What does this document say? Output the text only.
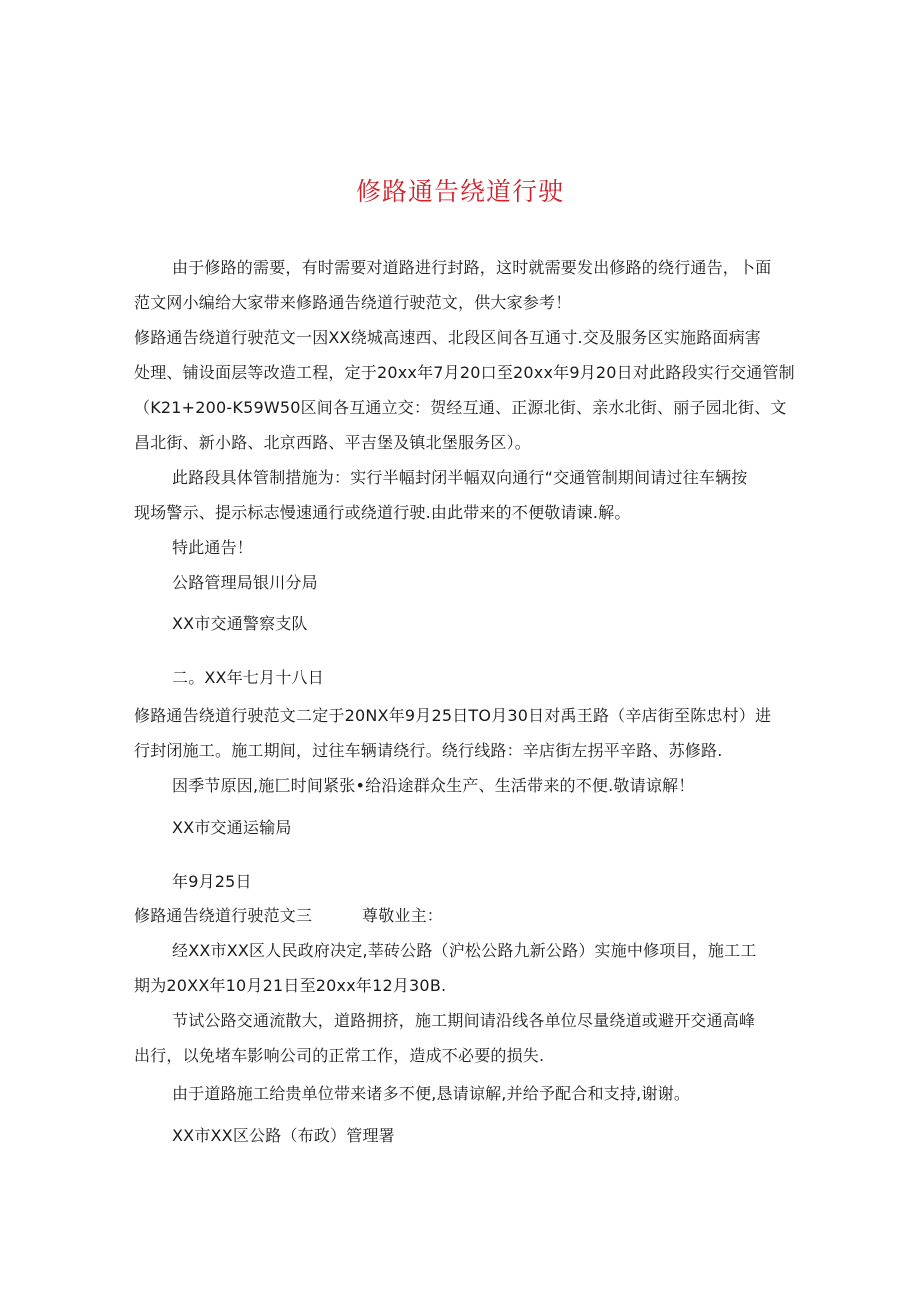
修路通告绕道行驶
由于修路的需要，有时需要对道路进行封路，这时就需要发出修路的绕行通告，卜面
范文网小编给大家带来修路通告绕道行驶范文，供大家参考！
修路通告绕道行驶范文一因XX绕城高速西、北段区间各互通寸.交及服务区实施路面病害
处理、铺设面层等改造工程，定于20xx年7月20口至20xx年9月20日对此路段实行交通管制
（K21+200-K59W50区间各互通立交：贺经互通、正源北街、亲水北街、丽子园北街、文
昌北街、新小路、北京西路、平吉堡及镇北堡服务区）。
此路段具体管制措施为：实行半幅封闭半幅双向通行“交通管制期间请过往车辆按
现场警示、提示标志慢速通行或绕道行驶.由此带来的不便敬请谏.解。
特此通告！
公路管理局银川分局
XX市交通警察支队
二。XX年七月十八日
修路通告绕道行驶范文二定于20NX年9月25日TO月30日对禹王路（辛店街至陈忠村）进
行封闭施工。施工期间，过往车辆请绕行。绕行线路：辛店街左拐平辛路、苏修路.
因季节原因,施匚时间紧张•给沿途群众生产、生活带来的不便.敬请谅解！
XX市交通运输局
年9月25日
修路通告绕道行驶范文三	尊敬业主：
经XX市XX区人民政府决定,莘砖公路（沪松公路九新公路）实施中修项目，施工工
期为20XX年10月21日至20xx年12月30B.
节试公路交通流散大，道路拥挤，施工期间请沿线各单位尽量绕道或避开交通高峰
出行，以免堵车影响公司的正常工作，造成不必要的损失.
由于道路施工给贵单位带来诸多不便,恳请谅解,并给予配合和支持,谢谢。
XX市XX区公路（布政）管理署
